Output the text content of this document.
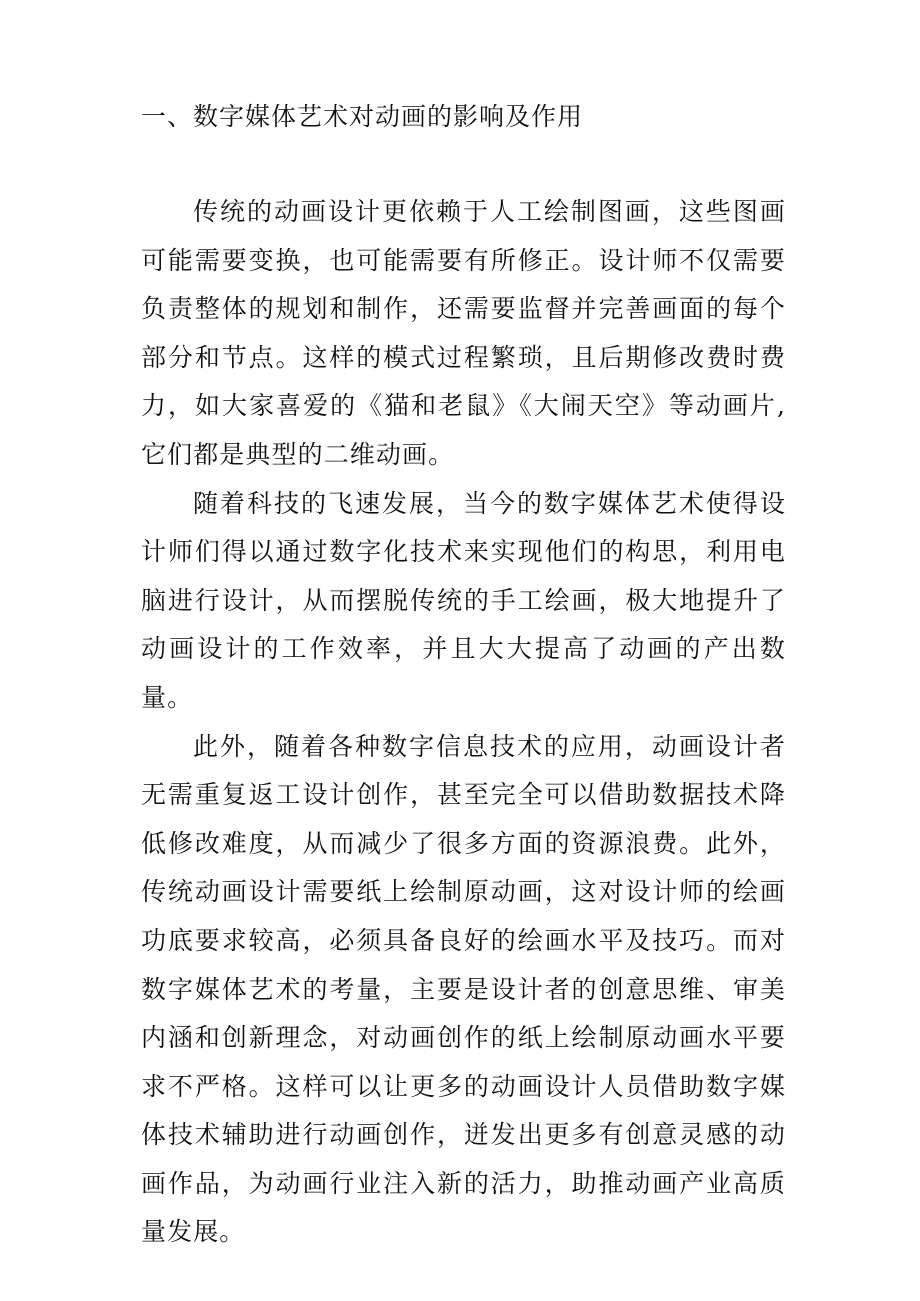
一、数字媒体艺术对动画的影响及作用

传统的动画设计更依赖于人工绘制图画，这些图画可能需要变换，也可能需要有所修正。设计师不仅需要负责整体的规划和制作，还需要监督并完善画面的每个部分和节点。这样的模式过程繁琐，且后期修改费时费力，如大家喜爱的《猫和老鼠》《大闹天空》等动画片,它们都是典型的二维动画。

随着科技的飞速发展，当今的数字媒体艺术使得设计师们得以通过数字化技术来实现他们的构思，利用电脑进行设计，从而摆脱传统的手工绘画，极大地提升了动画设计的工作效率，并且大大提高了动画的产出数量。

此外，随着各种数字信息技术的应用，动画设计者无需重复返工设计创作，甚至完全可以借助数据技术降低修改难度，从而减少了很多方面的资源浪费。此外，传统动画设计需要纸上绘制原动画，这对设计师的绘画功底要求较高，必须具备良好的绘画水平及技巧。而对数字媒体艺术的考量，主要是设计者的创意思维、审美内涵和创新理念，对动画创作的纸上绘制原动画水平要求不严格。这样可以让更多的动画设计人员借助数字媒体技术辅助进行动画创作，迸发出更多有创意灵感的动画作品，为动画行业注入新的活力，助推动画产业高质量发展。
